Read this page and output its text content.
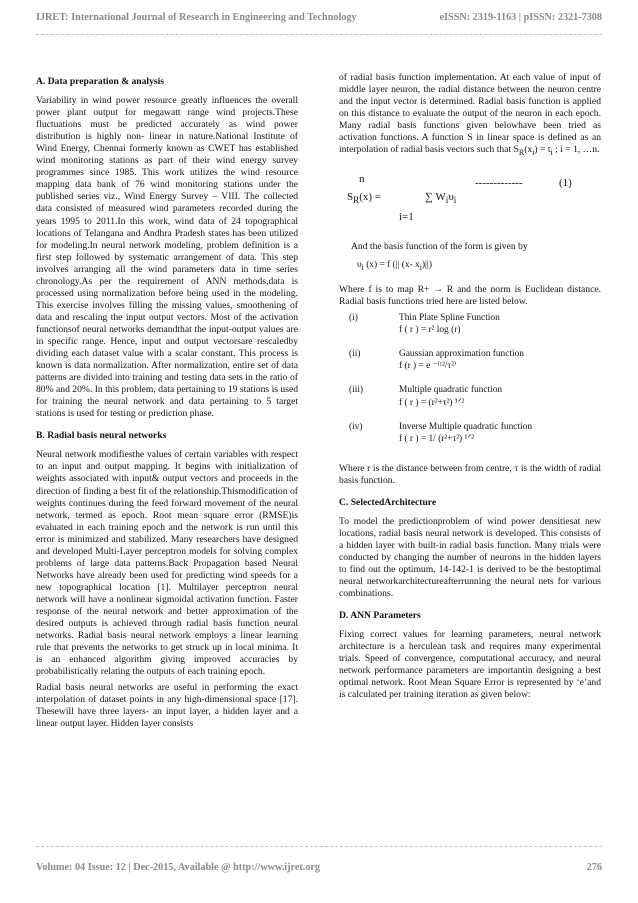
IJRET: International Journal of Research in Engineering and Technology	eISSN: 2319-1163 | pISSN: 2321-7308
A. Data preparation & analysis

Variability in wind power resource greatly influences the overall power plant output for megawatt range wind projects.These fluctuations must be predicted accurately as wind power distribution is highly non- linear in nature.National Institute of Wind Energy, Chennai formerly known as CWET has established wind monitoring stations as part of their wind energy survey programmes since 1985. This work utilizes the wind resource mapping data bank of 76 wind monitoring stations under the published series viz., Wind Energy Survey – VIII. The collected data consisted of measured wind parameters recorded during the years 1995 to 2011.In this work, wind data of 24 topographical locations of Telangana and Andhra Pradesh states has been utilized for modeling.In neural network modeling, problem definition is a first step followed by systematic arrangement of data. This step involves arranging all the wind parameters data in time series chronology.As per the requirement of ANN methods,data is processed using normalization before being used in the modeling. This exercise involves filling the missing values, smoothening of data and rescaling the input output vectors. Most of the activation functionsof neural networks demandthat the input-output values are in specific range. Hence, input and output vectorsare rescaledby dividing each dataset value with a scalar constant. This process is known is data normalization. After normalization, entire set of data patterns are divided into training and testing data sets in the ratio of 80% and 20%. In this problem, data pertaining to 19 stations is used for training the neural network and data pertaining to 5 target stations is used for testing or prediction phase.

B. Radial basis neural networks

Neural network modifiesthe values of certain variables with respect to an input and output mapping. It begins with initialization of weights associated with input& output vectors and proceeds in the direction of finding a best fit of the relationship.Thismodification of weights continues during the feed forward movement of the neural network, termed as epoch. Root mean square error (RMSE)is evaluated in each training epoch and the network is run until this error is minimized and stabilized. Many researchers have designed and developed Multi-Layer perceptron models for solving complex problems of large data patterns.Back Propagation based Neural Networks have already been used for predicting wind speeds for a new topographical location [1]. Multilayer perceptron neural network will have a nonlinear sigmoidal activation function. Faster response of the neural network and better approximation of the desired outputs is achieved through radial basis function neural networks. Radial basis neural network employs a linear learning rule that prevents the networks to get struck up in local minima. It is an enhanced algorithm giving improved accuracies by probabilistically relating the outputs of each training epoch.

Radial basis neural networks are useful in performing the exact interpolation of dataset points in any high-dimensional space [17]. Thesewill have three layers- an input layer, a hidden layer and a linear output layer. Hidden layer consists

of radial basis function implementation. At each value of input of middle layer neuron, the radial distance between the neuron centre and the input vector is determined. Radial basis function is applied on this distance to evaluate the output of the neuron in each epoch. Many radial basis functions given belowhave been tried as activation functions. A function S in linear space is defined as an interpolation of radial basis vectors such that $S_R(x_i) = t_i$ ; i = 1, …n.

n
$S_R(x)$ =	∑ $W_i\upsilon_i$
i=1
-------------	(1)
And the basis function of the form is given by
$\upsilon_i$ (x) = f (|| (x- $x_i)||$)

Where f is to map R+ → R and the norm is Euclidean distance. Radial basis functions tried here are listed below.

(i)	Thin Plate Spline Function

f ( r ) = r² log (r)

(ii)	Gaussian approximation function

f (r ) = e ⁻⁽ʳ²/τ²⁾

(iii)	Multiple quadratic function

f ( r ) = (r²+τ²) ¹ᐟ²

(iv)	Inverse Multiple quadratic function

f ( r ) = 1/ (r²+τ²) ¹ᐟ²

Where r is the distance between from centre, τ is the width of radial basis function.

C. SelectedArchitecture

To model the predictionproblem of wind power densitiesat new locations, radial basis neural network is developed. This consists of a hidden layer with built-in radial basis function. Many trials were conducted by changing the number of neurons in the hidden layers to find out the optimum. 14-142-1 is derived to be the bestoptimal neural networkarchitectureafterrunning the neural nets for various combinations.

D. ANN Parameters

Fixing correct values for learning parameters, neural network architecture is a herculean task and requires many experimental trials. Speed of convergence, computational accuracy, and neural network performance parameters are importantin designing a best optimal network. Root Mean Square Error is represented by ‘e’and is calculated per training iteration as given below:

Volume: 04 Issue: 12 | Dec-2015, Available @ http://www.ijret.org	276
